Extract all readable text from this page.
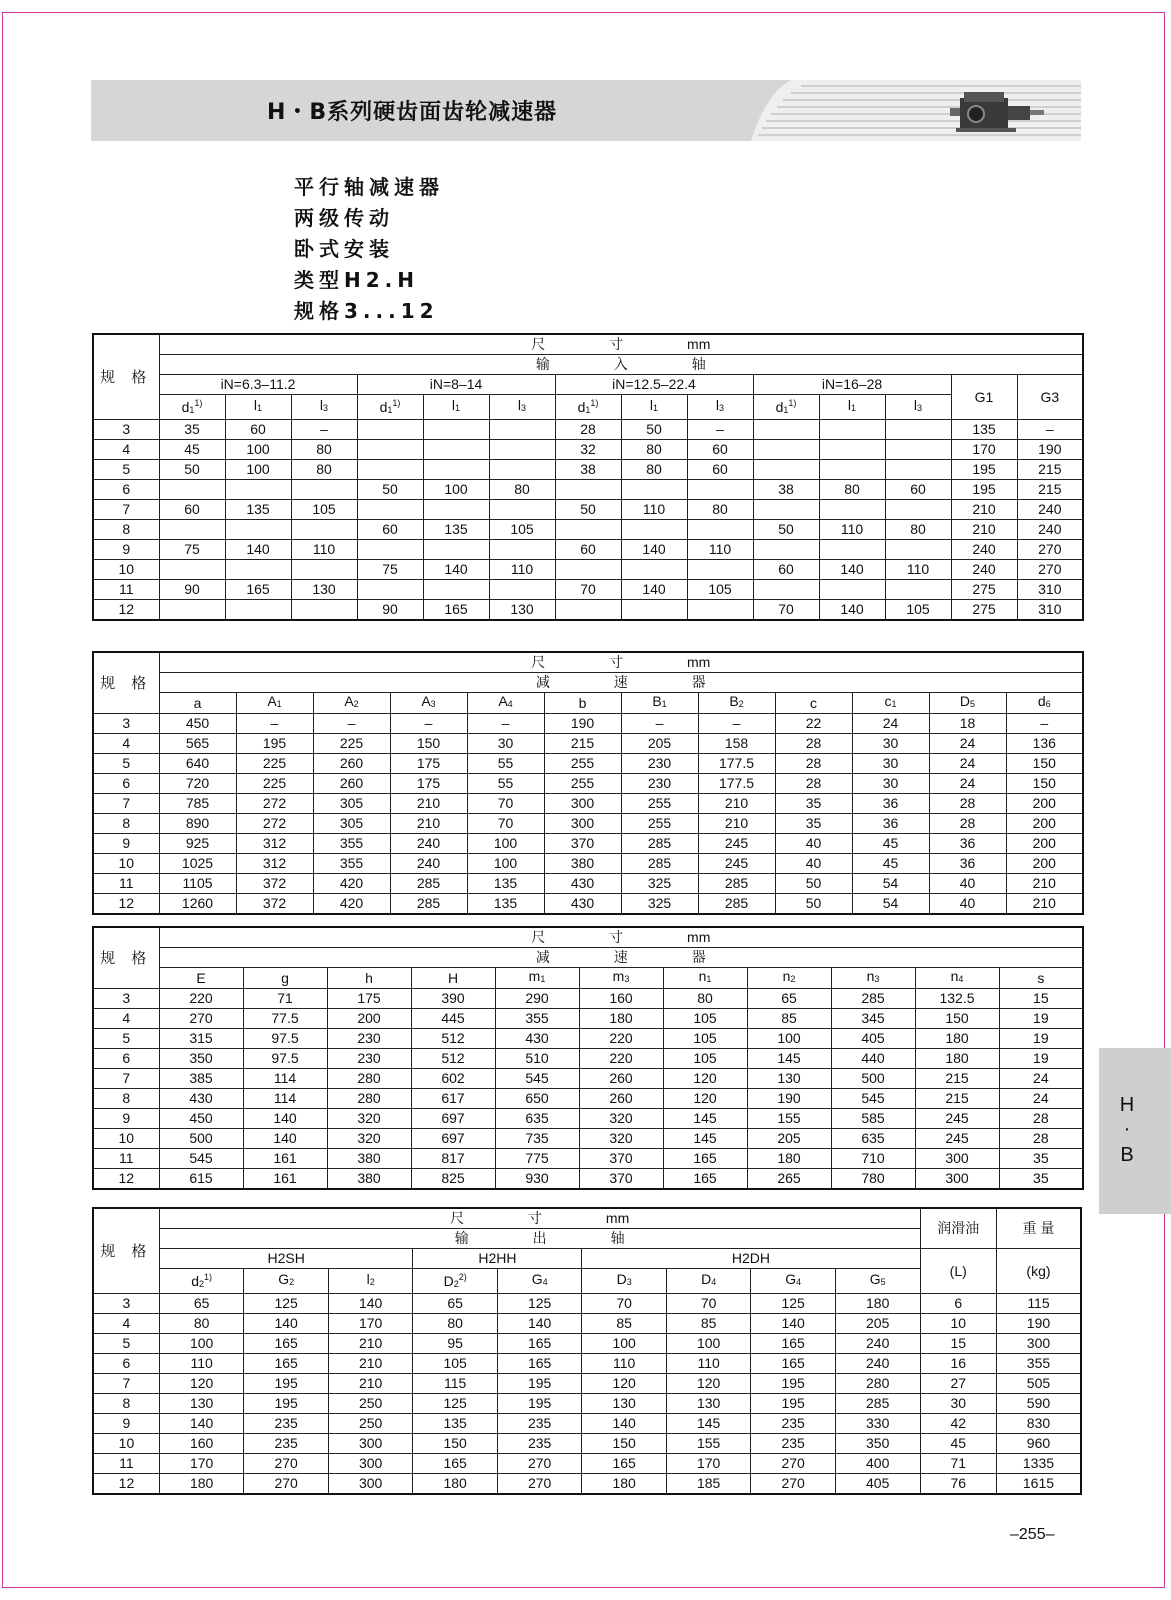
H・B系列硬齿面齿轮减速器
平行轴减速器
两级传动
卧式安装
类型H2.H
规格3...12
规 格	尺 寸 mm													
	输 入 轴													
	iN=6.3–11.2			iN=8–14			iN=12.5–22.4			iN=16–28			G1	G3
	$d_1^{1)}$	$l_1$	$l_3$	$d_1^{1)}$	$l_1$	$l_3$	$d_1^{1)}$	$l_1$	$l_3$	$d_1^{1)}$	$l_1$	$l_3$
3	35	60	–				28	50	–				135	–
4	45	100	80				32	80	60				170	190
5	50	100	80				38	80	60				195	215
6				50	100	80				38	80	60	195	215
7	60	135	105				50	110	80				210	240
8				60	135	105				50	110	80	210	240
9	75	140	110				60	140	110				240	270
10				75	140	110				60	140	110	240	270
11	90	165	130				70	140	105				275	310
12				90	165	130				70	140	105	275	310
规 格	尺 寸 mm											
	减 速 器											
	a	$A_1$	$A_2$	$A_3$	$A_4$	b	$B_1$	$B_2$	c	$c_1$	$D_5$	$d_6$
3	450	–	–	–	–	190	–	–	22	24	18	–
4	565	195	225	150	30	215	205	158	28	30	24	136
5	640	225	260	175	55	255	230	177.5	28	30	24	150
6	720	225	260	175	55	255	230	177.5	28	30	24	150
7	785	272	305	210	70	300	255	210	35	36	28	200
8	890	272	305	210	70	300	255	210	35	36	28	200
9	925	312	355	240	100	370	285	245	40	45	36	200
10	1025	312	355	240	100	380	285	245	40	45	36	200
11	1105	372	420	285	135	430	325	285	50	54	40	210
12	1260	372	420	285	135	430	325	285	50	54	40	210
规 格	尺 寸 mm										
	减 速 器										
	E	g	h	H	$m_1$	$m_3$	$n_1$	$n_2$	$n_3$	$n_4$	s
3	220	71	175	390	290	160	80	65	285	132.5	15
4	270	77.5	200	445	355	180	105	85	345	150	19
5	315	97.5	230	512	430	220	105	100	405	180	19
6	350	97.5	230	512	510	220	105	145	440	180	19
7	385	114	280	602	545	260	120	130	500	215	24
8	430	114	280	617	650	260	120	190	545	215	24
9	450	140	320	697	635	320	145	155	585	245	28
10	500	140	320	697	735	320	145	205	635	245	28
11	545	161	380	817	775	370	165	180	710	300	35
12	615	161	380	825	930	370	165	265	780	300	35
规 格	尺 寸 mm									润滑油	重 量
	输 出 轴										
	H2SH			H2HH		H2DH				(L)	(kg)
	$d_2^{1)}$	$G_2$	$l_2$	$D_2^{2)}$	$G_4$	$D_3$	$D_4$	$G_4$	$G_5$
3	65	125	140	65	125	70	70	125	180	6	115
4	80	140	170	80	140	85	85	140	205	10	190
5	100	165	210	95	165	100	100	165	240	15	300
6	110	165	210	105	165	110	110	165	240	16	355
7	120	195	210	115	195	120	120	195	280	27	505
8	130	195	250	125	195	130	130	195	285	30	590
9	140	235	250	135	235	140	145	235	330	42	830
10	160	235	300	150	235	150	155	235	350	45	960
11	170	270	300	165	270	165	170	270	400	71	1335
12	180	270	300	180	270	180	185	270	405	76	1615
H
·
B
–255–
